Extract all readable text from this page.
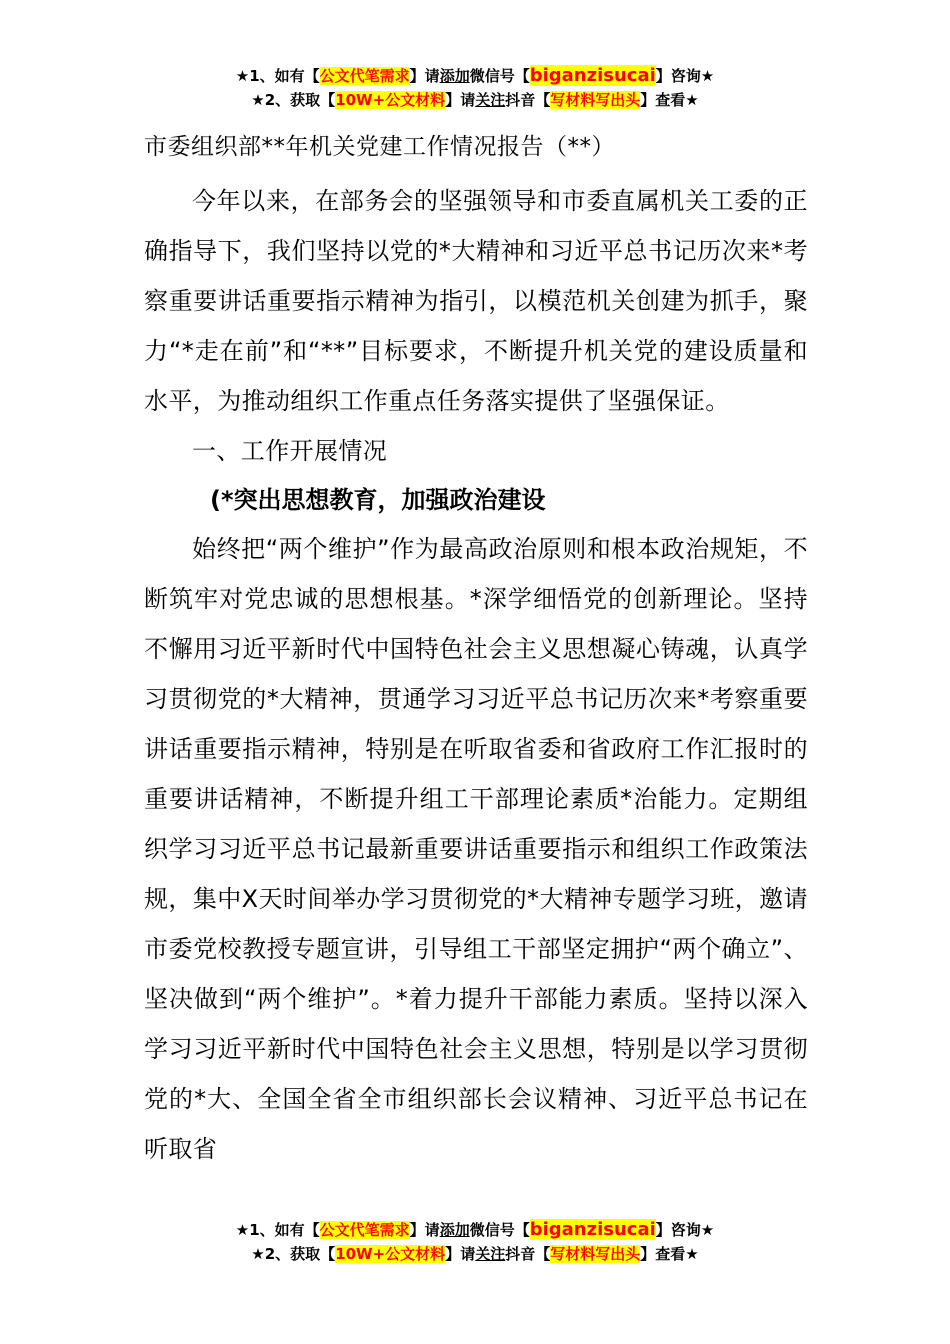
★1、如有【公文代笔需求】请添加微信号【biganzisucai】咨询★
★2、获取【10W+公文材料】请关注抖音【写材料写出头】查看★

市委组织部**年机关党建工作情况报告（**）

今年以来，在部务会的坚强领导和市委直属机关工委的正确指导下，我们坚持以党的*大精神和习近平总书记历次来*考察重要讲话重要指示精神为指引，以模范机关创建为抓手，聚力“*走在前”和“**”目标要求，不断提升机关党的建设质量和水平，为推动组织工作重点任务落实提供了坚强保证。

一、工作开展情况

(*突出思想教育，加强政治建设

始终把“两个维护”作为最高政治原则和根本政治规矩，不断筑牢对党忠诚的思想根基。*深学细悟党的创新理论。坚持不懈用习近平新时代中国特色社会主义思想凝心铸魂，认真学习贯彻党的*大精神，贯通学习习近平总书记历次来*考察重要讲话重要指示精神，特别是在听取省委和省政府工作汇报时的重要讲话精神，不断提升组工干部理论素质*治能力。定期组织学习习近平总书记最新重要讲话重要指示和组织工作政策法规，集中X天时间举办学习贯彻党的*大精神专题学习班，邀请市委党校教授专题宣讲，引导组工干部坚定拥护“两个确立”、坚决做到“两个维护”。*着力提升干部能力素质。坚持以深入学习习近平新时代中国特色社会主义思想，特别是以学习贯彻党的*大、全国全省全市组织部长会议精神、习近平总书记在听取省

★1、如有【公文代笔需求】请添加微信号【biganzisucai】咨询★
★2、获取【10W+公文材料】请关注抖音【写材料写出头】查看★
